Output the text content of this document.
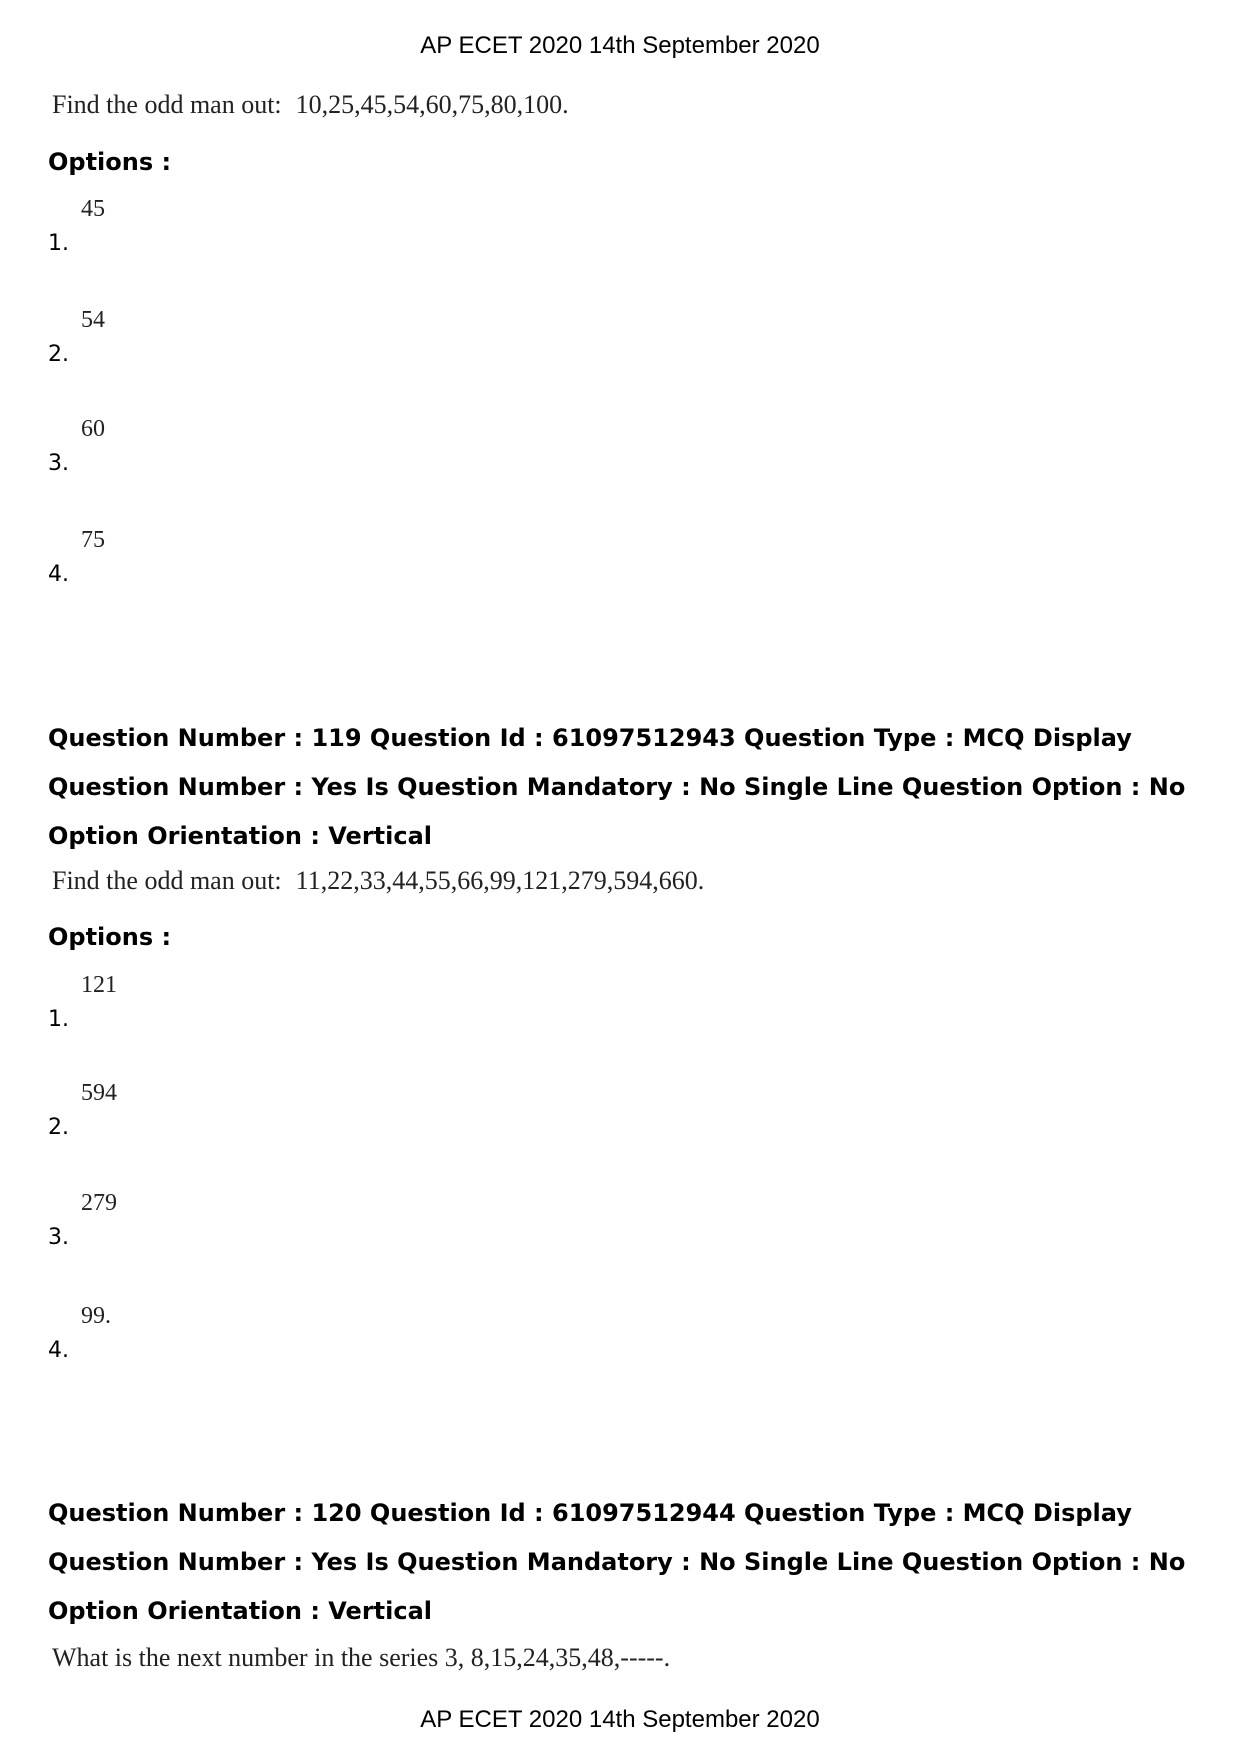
AP ECET 2020 14th September 2020
Find the odd man out: 10,25,45,54,60,75,80,100.
Options :
1.
45
2.
54
3.
60
4.
75
Question Number : 119 Question Id : 61097512943 Question Type : MCQ Display Question Number : Yes Is Question Mandatory : No Single Line Question Option : No Option Orientation : Vertical
Find the odd man out: 11,22,33,44,55,66,99,121,279,594,660.
Options :
1.
121
2.
594
3.
279
4.
99.
Question Number : 120 Question Id : 61097512944 Question Type : MCQ Display Question Number : Yes Is Question Mandatory : No Single Line Question Option : No Option Orientation : Vertical
What is the next number in the series 3, 8,15,24,35,48,-----.
AP ECET 2020 14th September 2020
